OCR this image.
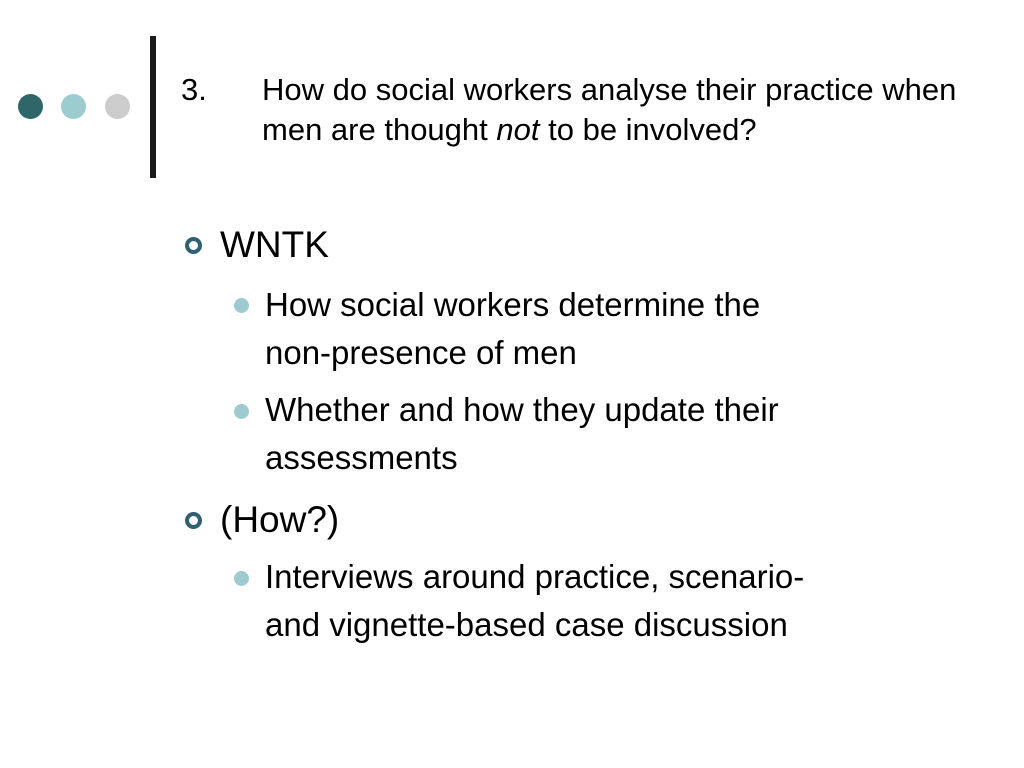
3. How do social workers analyse their practice when men are thought not to be involved?
WNTK
How social workers determine the
non-presence of men
Whether and how they update their
assessments
(How?)
Interviews around practice, scenario-
and vignette-based case discussion
